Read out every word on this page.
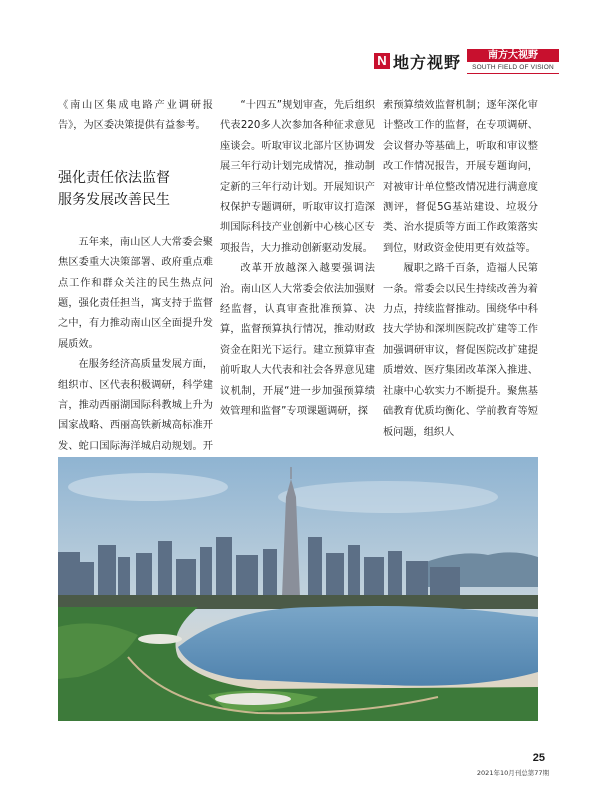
N 地方视野	南方大视野
SOUTH FIELD OF VISION

《南山区集成电路产业调研报告》，为区委决策提供有益参考。

强化责任依法监督
服务发展改善民生

五年来，南山区人大常委会聚焦区委重大决策部署、政府重点难点工作和群众关注的民生热点问题，强化责任担当，寓支持于监督之中，有力推动南山区全面提升发展质效。

在服务经济高质量发展方面，组织市、区代表积极调研，科学建言，推动西丽湖国际科教城上升为国家战略、西丽高铁新城高标准开发、蛇口国际海洋城启动规划。开

“十四五”规划审查，先后组织代表220多人次参加各种征求意见座谈会。听取审议北部片区协调发展三年行动计划完成情况，推动制定新的三年行动计划。开展知识产权保护专题调研，听取审议打造深圳国际科技产业创新中心核心区专项报告，大力推动创新驱动发展。

改革开放越深入越要强调法治。南山区人大常委会依法加强财经监督，认真审查批准预算、决算，监督预算执行情况，推动财政资金在阳光下运行。建立预算审查前听取人大代表和社会各界意见建议机制，开展“进一步加强预算绩效管理和监督”专项课题调研，探

索预算绩效监督机制；逐年深化审计整改工作的监督，在专项调研、会议督办等基础上，听取和审议整改工作情况报告，开展专题询问，对被审计单位整改情况进行满意度测评，督促5G基站建设、垃圾分类、治水提质等方面工作政策落实到位，财政资金使用更有效益等。

履职之路千百条，造福人民第一条。常委会以民生持续改善为着力点，持续监督推动。围绕华中科技大学协和深圳医院改扩建等工作加强调研审议，督促医院改扩建提质增效、医疗集团改革深入推进、社康中心软实力不断提升。聚焦基础教育优质均衡化、学前教育等短板问题，组织人

25
2021年10月刊总第77期
